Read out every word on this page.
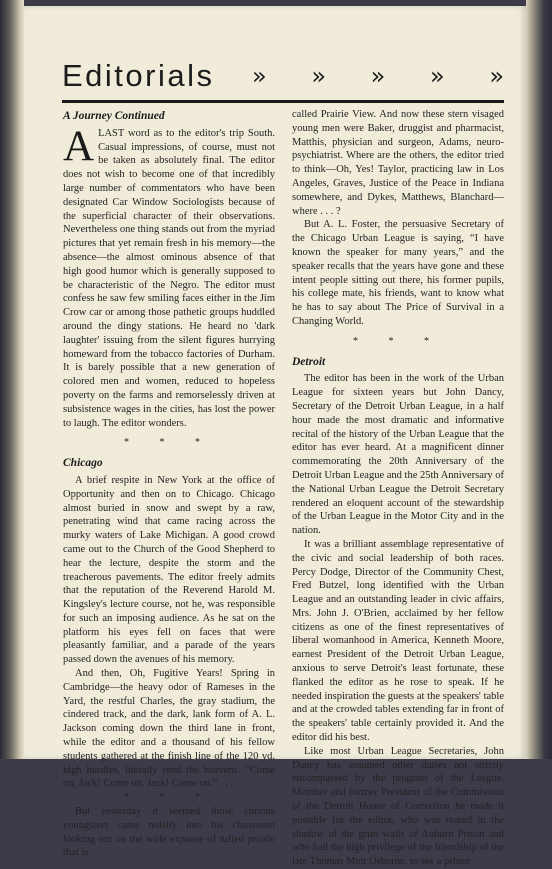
Editorials » » » » »
A Journey Continued

ALAST word as to the editor's trip South. Casual impressions, of course, must not be taken as absolutely final. The editor does not wish to become one of that incredibly large number of commentators who have been designated Car Window Sociologists because of the superficial character of their observations. Nevertheless one thing stands out from the myriad pictures that yet remain fresh in his memory—the absence—the almost ominous absence of that high good humor which is generally supposed to be characteristic of the Negro. The editor must confess he saw few smiling faces either in the Jim Crow car or among those pathetic groups huddled around the dingy stations. He heard no 'dark laughter' issuing from the silent figures hurrying homeward from the tobacco factories of Durham. It is barely possible that a new generation of colored men and women, reduced to hopeless poverty on the farms and remorselessly driven at subsistence wages in the cities, has lost the power to laugh. The editor wonders.

* * *
Chicago

A brief respite in New York at the office of Opportunity and then on to Chicago. Chicago almost buried in snow and swept by a raw, penetrating wind that came racing across the murky waters of Lake Michigan. A good crowd came out to the Church of the Good Shepherd to hear the lecture, despite the storm and the treacherous pavements. The editor freely admits that the reputation of the Reverend Harold M. Kingsley's lecture course, not he, was responsible for such an imposing audience. As he sat on the platform his eyes fell on faces that were pleasantly familiar, and a parade of the years passed down the avenues of his memory.

And then, Oh, Fugitive Years! Spring in Cambridge—the heavy odor of Rameses in the Yard, the restful Charles, the gray stadium, the cindered track, and the dark, lank form of A. L. Jackson coming down the third lane in front, while the editor and a thousand of his fellow students gathered at the finish line of the 120 yd. high hurdles, literally rend the heavens. “Come on, Jack! Come on, Jack! Come on.” . . .

* * *

But yesterday it seemed those curious youngsters came noisily into his classroom looking out on the wide expanse of tufted prairie that is

called Prairie View. And now these stern visaged young men were Baker, druggist and pharmacist, Matthis, physician and surgeon, Adams, neuro-psychiatrist. Where are the others, the editor tried to think—Oh, Yes! Taylor, practicing law in Los Angeles, Graves, Justice of the Peace in Indiana somewhere, and Dykes, Matthews, Blanchard—where . . . ?

But A. L. Foster, the persuasive Secretary of the Chicago Urban League is saying, “I have known the speaker for many years,” and the speaker recalls that the years have gone and these intent people sitting out there, his former pupils, his college mate, his friends, want to know what he has to say about The Price of Survival in a Changing World.

* * *
Detroit

The editor has been in the work of the Urban League for sixteen years but John Dancy, Secretary of the Detroit Urban League, in a half hour made the most dramatic and informative recital of the history of the Urban League that the editor has ever heard. At a magnificent dinner commemorating the 20th Anniversary of the Detroit Urban League and the 25th Anniversary of the National Urban League the Detroit Secretary rendered an eloquent account of the stewardship of the Urban League in the Motor City and in the nation.

It was a brilliant assemblage representative of the civic and social leadership of both races. Percy Dodge, Director of the Community Chest, Fred Butzel, long identified with the Urban League and an outstanding leader in civic affairs, Mrs. John J. O'Brien, acclaimed by her fellow citizens as one of the finest representatives of liberal womanhood in America, Kenneth Moore, earnest President of the Detroit Urban League, anxious to serve Detroit's least fortunate, these flanked the editor as he rose to speak. If he needed inspiration the guests at the speakers' table and at the crowded tables extending far in front of the speakers' table certainly provided it. And the editor did his best.

Like most Urban League Secretaries, John Dancy has assumed other duties not strictly encompassed by the program of the League. Member and former President of the Commission of the Detroit House of Correction he made it possible for the editor, who was reared in the shadow of the grim walls of Auburn Prison and who had the high privilege of the friendship of the late Thomas Mott Osborne, to see a prison
